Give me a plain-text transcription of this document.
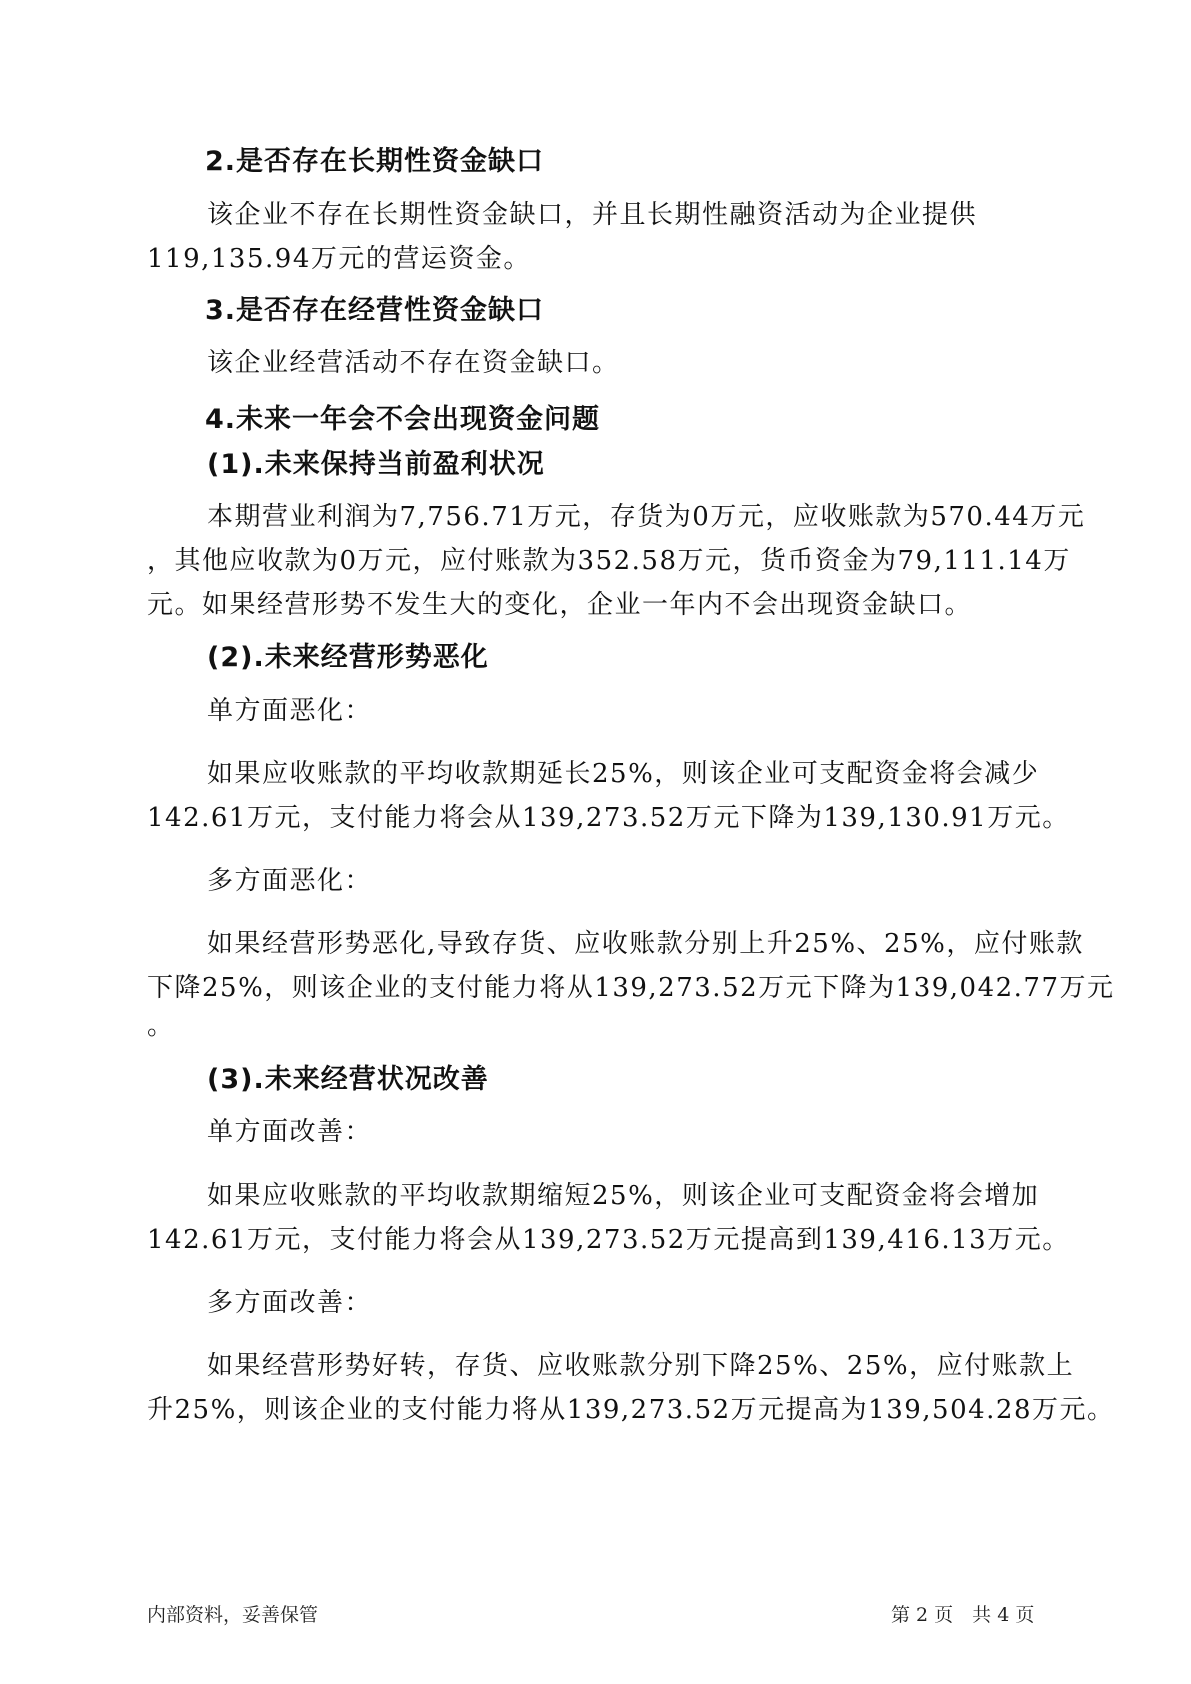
2.是否存在长期性资金缺口
该企业不存在长期性资金缺口，并且长期性融资活动为企业提供
119,135.94万元的营运资金。
3.是否存在经营性资金缺口
该企业经营活动不存在资金缺口。
4.未来一年会不会出现资金问题
(1).未来保持当前盈利状况
本期营业利润为7,756.71万元，存货为0万元，应收账款为570.44万元
，其他应收款为0万元，应付账款为352.58万元，货币资金为79,111.14万
元。如果经营形势不发生大的变化，企业一年内不会出现资金缺口。
(2).未来经营形势恶化
单方面恶化：
如果应收账款的平均收款期延长25%，则该企业可支配资金将会减少
142.61万元，支付能力将会从139,273.52万元下降为139,130.91万元。
多方面恶化：
如果经营形势恶化,导致存货、应收账款分别上升25%、25%，应付账款
下降25%，则该企业的支付能力将从139,273.52万元下降为139,042.77万元
。
(3).未来经营状况改善
单方面改善：
如果应收账款的平均收款期缩短25%，则该企业可支配资金将会增加
142.61万元，支付能力将会从139,273.52万元提高到139,416.13万元。
多方面改善：
如果经营形势好转，存货、应收账款分别下降25%、25%，应付账款上
升25%，则该企业的支付能力将从139,273.52万元提高为139,504.28万元。
内部资料，妥善保管	第 2 页　共 4 页
